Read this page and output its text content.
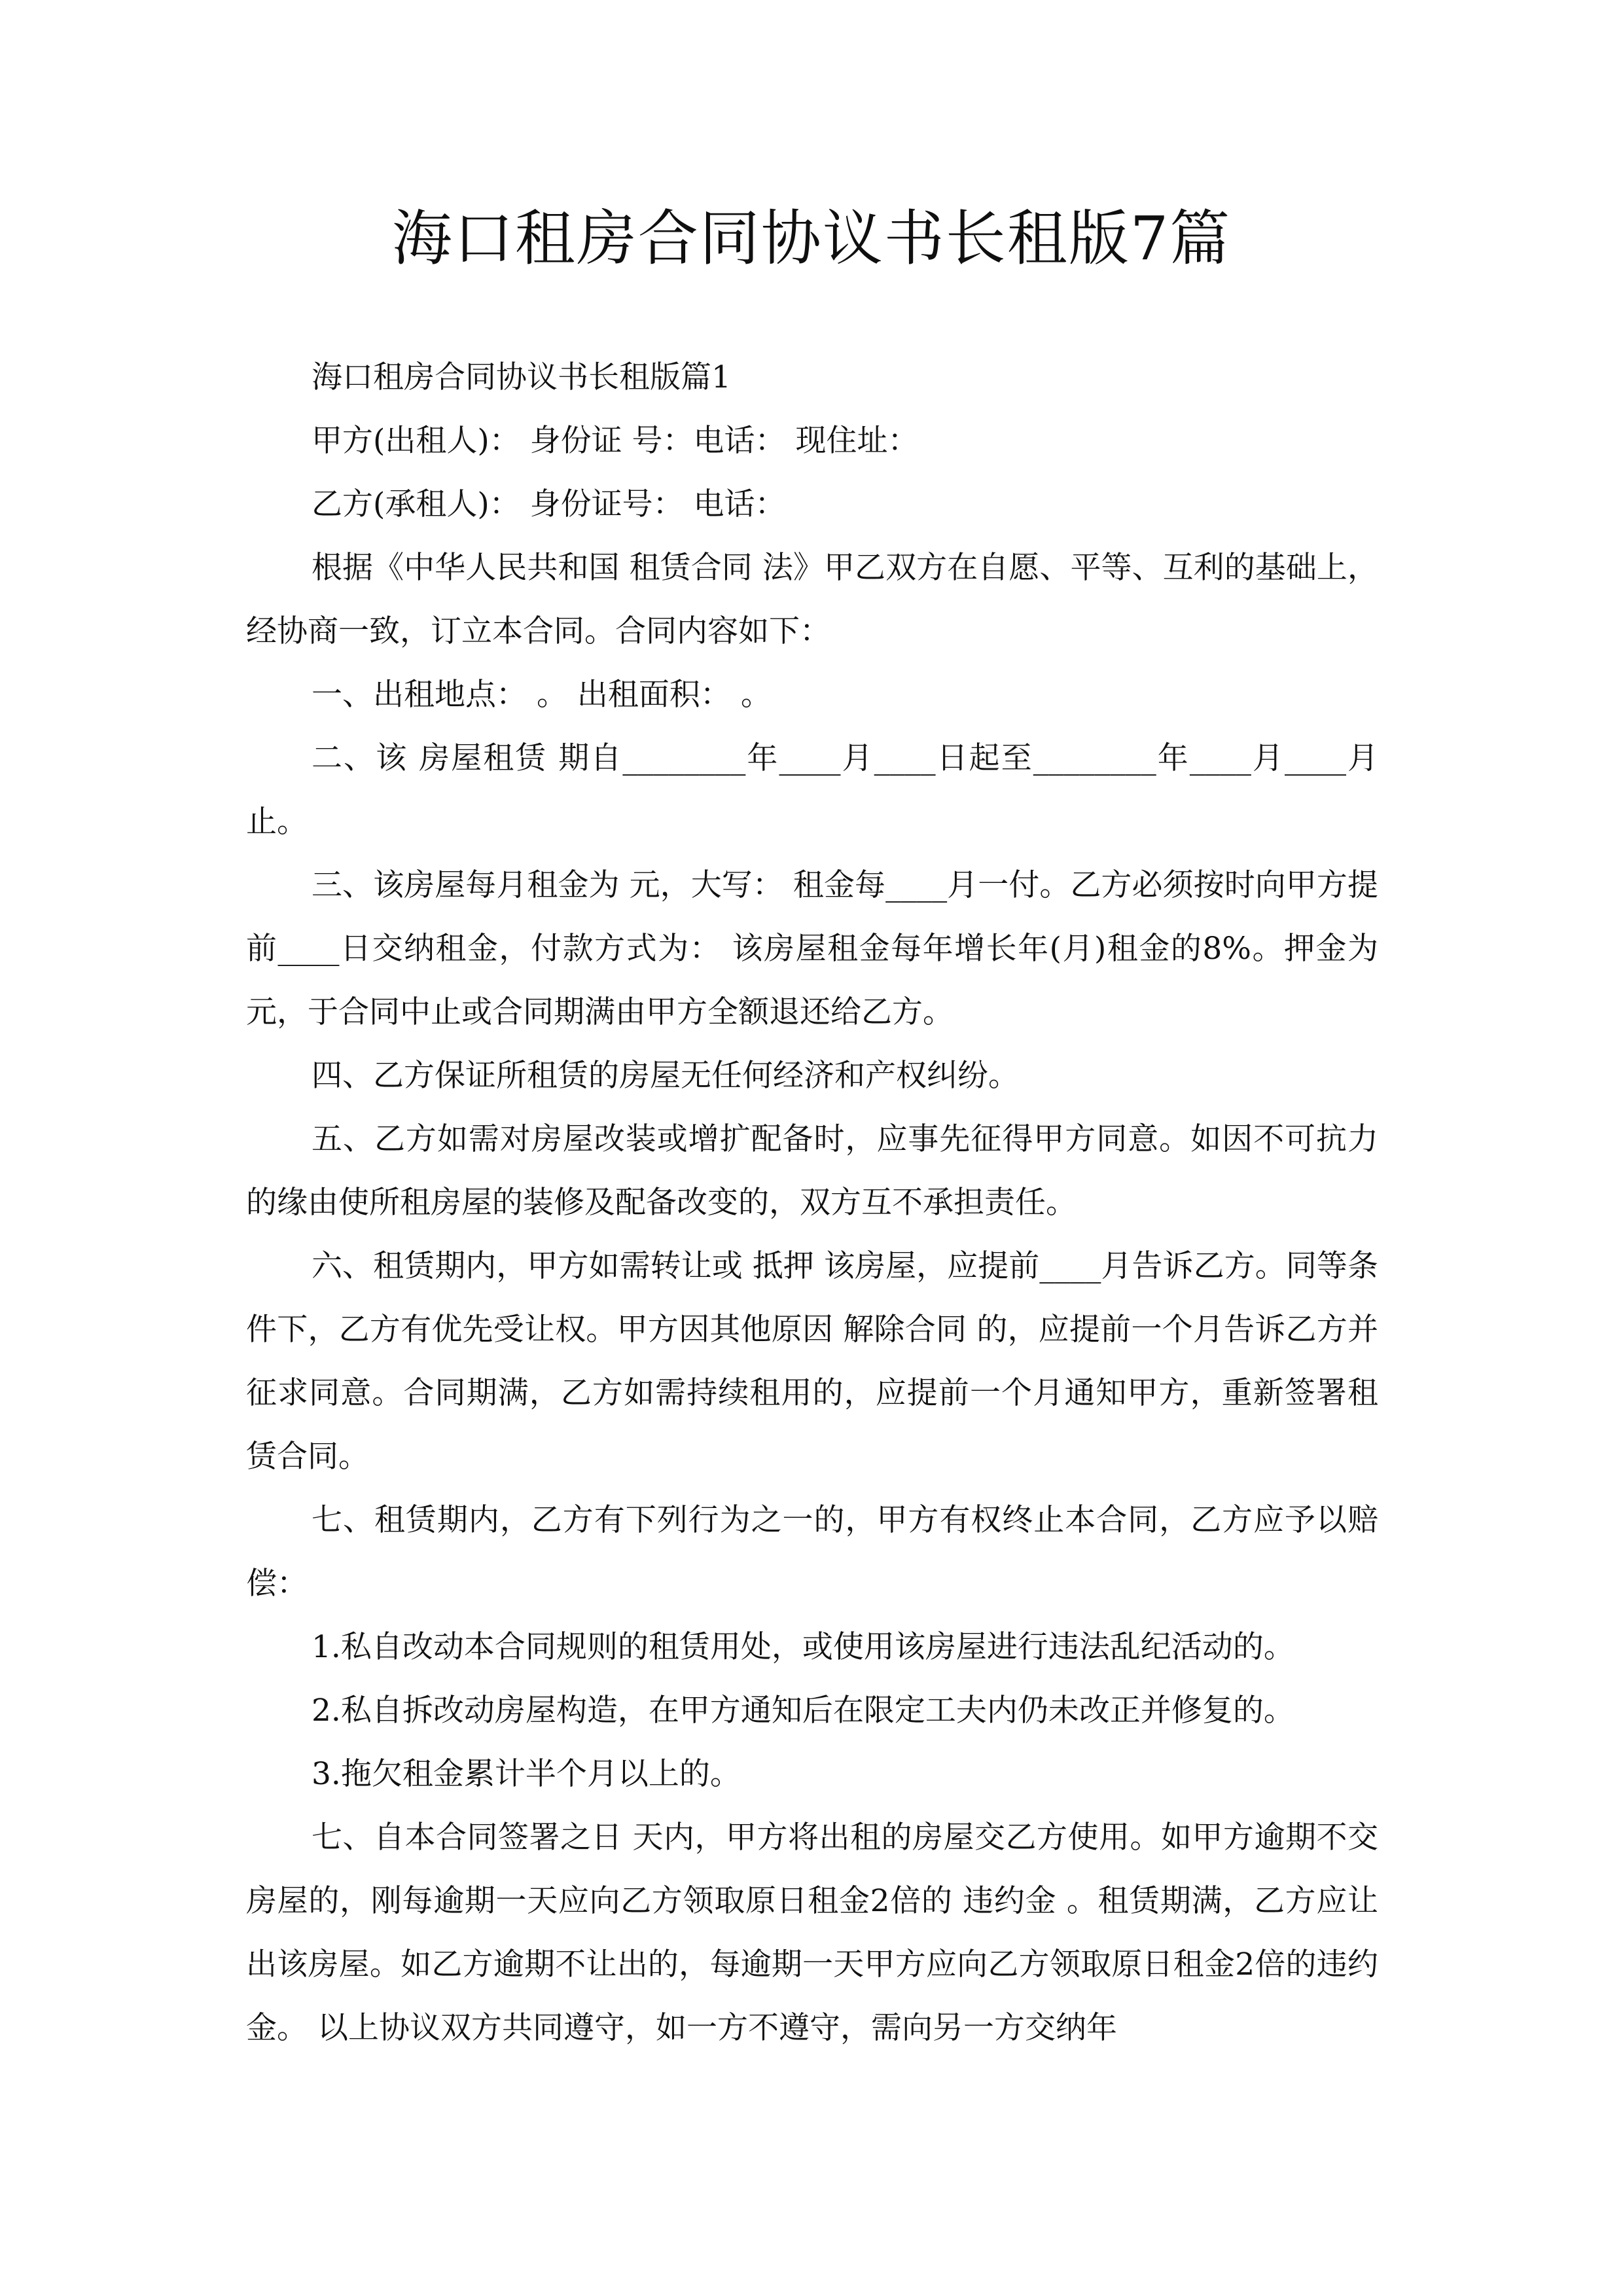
海口租房合同协议书长租版7篇

海口租房合同协议书长租版篇1

甲方(出租人)： 身份证 号：电话： 现住址：

乙方(承租人)： 身份证号： 电话：

根据《中华人民共和国 租赁合同 法》甲乙双方在自愿、平等、互利的基础上，经协商一致，订立本合同。合同内容如下：

一、出租地点： 。 出租面积： 。

二、该 房屋租赁 期自________年____月____日起至________年____月____月止。

三、该房屋每月租金为 元，大写： 租金每____月一付。乙方必须按时向甲方提前____日交纳租金，付款方式为： 该房屋租金每年增长年(月)租金的8%。押金为 元，于合同中止或合同期满由甲方全额退还给乙方。

四、乙方保证所租赁的房屋无任何经济和产权纠纷。

五、乙方如需对房屋改装或增扩配备时，应事先征得甲方同意。如因不可抗力的缘由使所租房屋的装修及配备改变的，双方互不承担责任。

六、租赁期内，甲方如需转让或 抵押 该房屋，应提前____月告诉乙方。同等条件下，乙方有优先受让权。甲方因其他原因 解除合同 的，应提前一个月告诉乙方并征求同意。合同期满，乙方如需持续租用的，应提前一个月通知甲方，重新签署租赁合同。

七、租赁期内，乙方有下列行为之一的，甲方有权终止本合同，乙方应予以赔偿：

1.私自改动本合同规则的租赁用处，或使用该房屋进行违法乱纪活动的。

2.私自拆改动房屋构造，在甲方通知后在限定工夫内仍未改正并修复的。

3.拖欠租金累计半个月以上的。

七、自本合同签署之日 天内，甲方将出租的房屋交乙方使用。如甲方逾期不交房屋的，刚每逾期一天应向乙方领取原日租金2倍的 违约金 。租赁期满，乙方应让出该房屋。如乙方逾期不让出的，每逾期一天甲方应向乙方领取原日租金2倍的违约金。 以上协议双方共同遵守，如一方不遵守，需向另一方交纳年
